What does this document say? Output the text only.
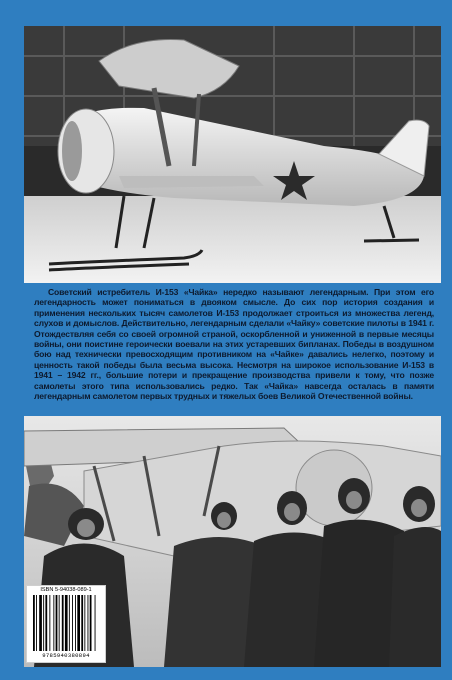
Советский истребитель И-153 «Чайка» нередко называют легендарным. При этом его легендарность может пониматься в двояком смысле. До сих пор история создания и применения нескольких тысяч самолетов И-153 продолжает строиться из множества легенд, слухов и домыслов. Действительно, легендарным сделали «Чайку» советские пилоты в 1941 г. Отождествляя себя со своей огромной страной, оскорбленной и униженной в первые месяцы войны, они поистине героически воевали на этих устаревших бипланах. Победы в воздушном бою над технически превосходящим противником на «Чайке» давались нелегко, поэтому и ценность такой победы была весьма высока. Несмотря на широкое использование И-153 в 1941 – 1942 гг., большие потери и прекращение производства привели к тому, что позже самолеты этого типа использовались редко. Так «Чайка» навсегда осталась в памяти легендарным самолетом первых трудных и тяжелых боев Великой Отечественной войны.

ISBN 5-94038-089-1
9785940380894
